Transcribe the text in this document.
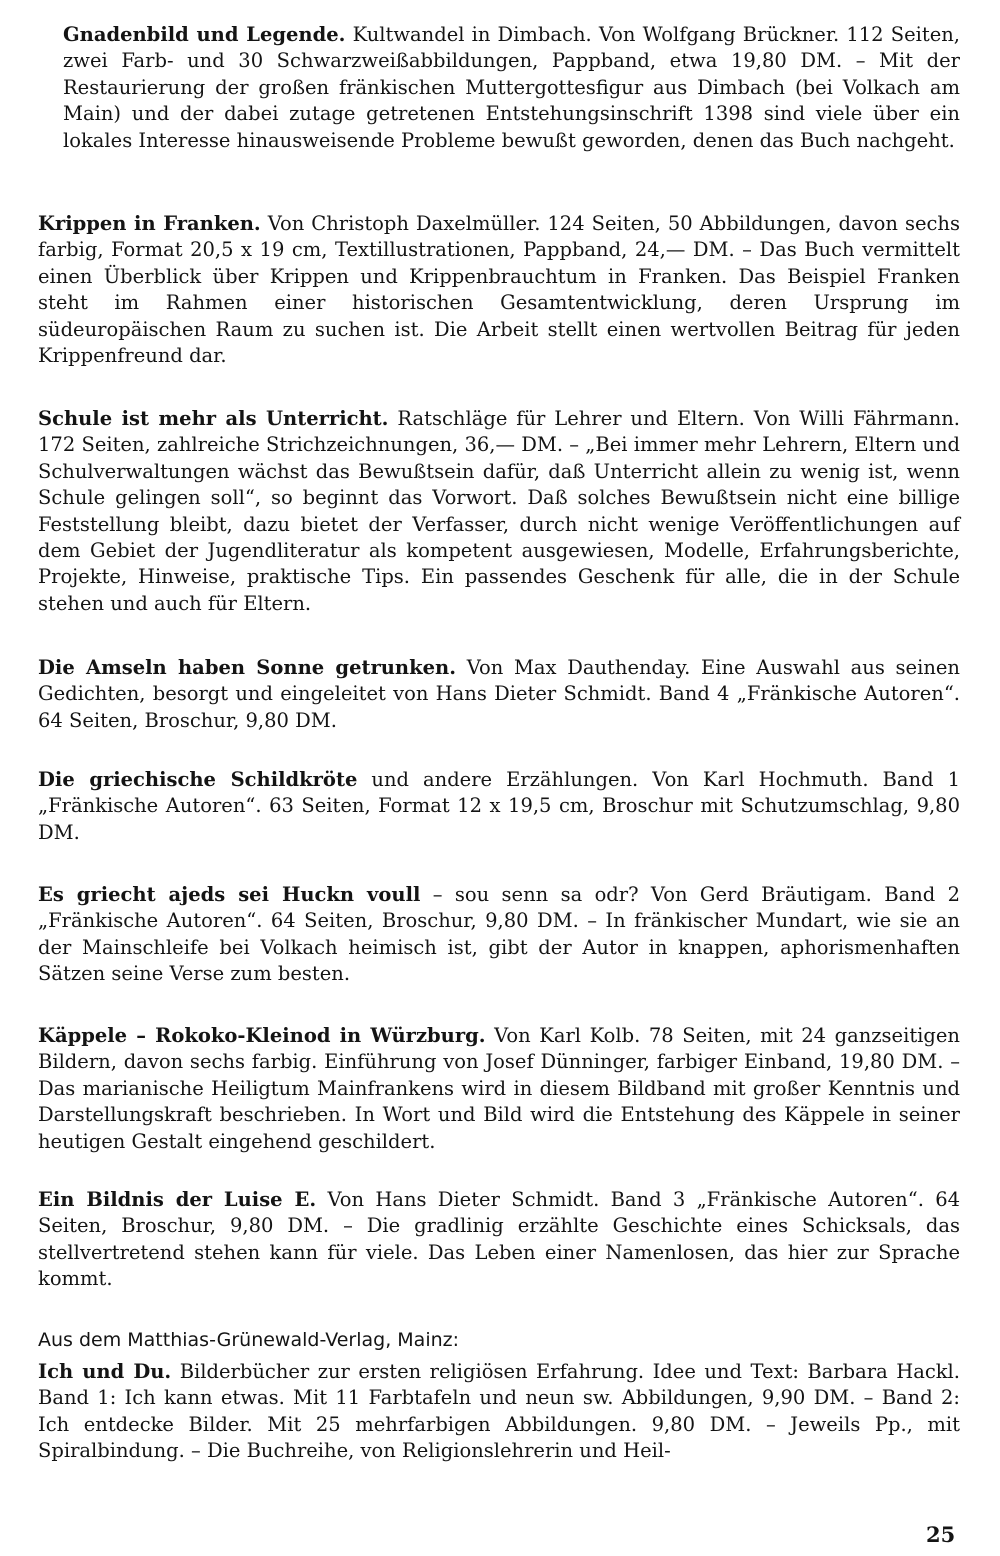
Gnadenbild und Legende. Kultwandel in Dimbach. Von Wolfgang Brückner. 112 Seiten, zwei Farb- und 30 Schwarzweißabbildungen, Pappband, etwa 19,80 DM. – Mit der Restaurierung der großen fränkischen Muttergottesfigur aus Dimbach (bei Volkach am Main) und der dabei zutage getretenen Entstehungsinschrift 1398 sind viele über ein lokales Interesse hinausweisende Probleme bewußt geworden, denen das Buch nachgeht.

Krippen in Franken. Von Christoph Daxelmüller. 124 Seiten, 50 Abbildungen, davon sechs farbig, Format 20,5 x 19 cm, Textillustrationen, Pappband, 24,— DM. – Das Buch vermittelt einen Überblick über Krippen und Krippenbrauchtum in Franken. Das Beispiel Franken steht im Rahmen einer historischen Gesamtentwicklung, deren Ursprung im südeuropäischen Raum zu suchen ist. Die Arbeit stellt einen wertvollen Beitrag für jeden Krippenfreund dar.

Schule ist mehr als Unterricht. Ratschläge für Lehrer und Eltern. Von Willi Fährmann. 172 Seiten, zahlreiche Strichzeichnungen, 36,— DM. – „Bei immer mehr Lehrern, Eltern und Schulverwaltungen wächst das Bewußtsein dafür, daß Unterricht allein zu wenig ist, wenn Schule gelingen soll“, so beginnt das Vorwort. Daß solches Bewußtsein nicht eine billige Feststellung bleibt, dazu bietet der Verfasser, durch nicht wenige Veröffentlichungen auf dem Gebiet der Jugendliteratur als kompetent ausgewiesen, Modelle, Erfahrungsberichte, Projekte, Hinweise, praktische Tips. Ein passendes Geschenk für alle, die in der Schule stehen und auch für Eltern.

Die Amseln haben Sonne getrunken. Von Max Dauthenday. Eine Auswahl aus seinen Gedichten, besorgt und eingeleitet von Hans Dieter Schmidt. Band 4 „Fränkische Autoren“. 64 Seiten, Broschur, 9,80 DM.

Die griechische Schildkröte und andere Erzählungen. Von Karl Hochmuth. Band 1 „Fränkische Autoren“. 63 Seiten, Format 12 x 19,5 cm, Broschur mit Schutzumschlag, 9,80 DM.

Es griecht ajeds sei Huckn voull – sou senn sa odr? Von Gerd Bräutigam. Band 2 „Fränkische Autoren“. 64 Seiten, Broschur, 9,80 DM. – In fränkischer Mundart, wie sie an der Mainschleife bei Volkach heimisch ist, gibt der Autor in knappen, aphorismenhaften Sätzen seine Verse zum besten.

Käppele – Rokoko-Kleinod in Würzburg. Von Karl Kolb. 78 Seiten, mit 24 ganzseitigen Bildern, davon sechs farbig. Einführung von Josef Dünninger, farbiger Einband, 19,80 DM. – Das marianische Heiligtum Mainfrankens wird in diesem Bildband mit großer Kenntnis und Darstellungskraft beschrieben. In Wort und Bild wird die Entstehung des Käppele in seiner heutigen Gestalt eingehend geschildert.

Ein Bildnis der Luise E. Von Hans Dieter Schmidt. Band 3 „Fränkische Autoren“. 64 Seiten, Broschur, 9,80 DM. – Die gradlinig erzählte Geschichte eines Schicksals, das stellvertretend stehen kann für viele. Das Leben einer Namenlosen, das hier zur Sprache kommt.

Aus dem Matthias-Grünewald-Verlag, Mainz:

Ich und Du. Bilderbücher zur ersten religiösen Erfahrung. Idee und Text: Barbara Hackl. Band 1: Ich kann etwas. Mit 11 Farbtafeln und neun sw. Abbildungen, 9,90 DM. – Band 2: Ich entdecke Bilder. Mit 25 mehrfarbigen Abbildungen. 9,80 DM. – Jeweils Pp., mit Spiralbindung. – Die Buchreihe, von Religionslehrerin und Heil-

25
